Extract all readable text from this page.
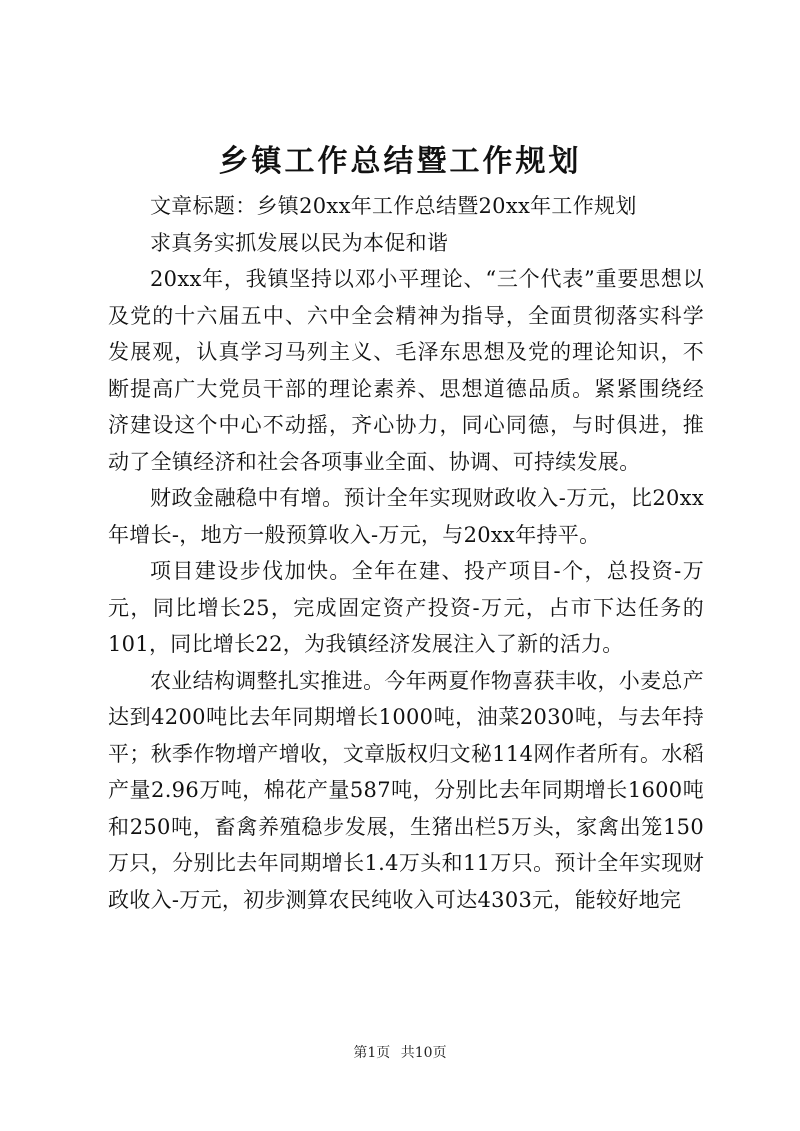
乡镇工作总结暨工作规划

文章标题：乡镇20xx年工作总结暨20xx年工作规划

求真务实抓发展以民为本促和谐

20xx年，我镇坚持以邓小平理论、“三个代表”重要思想以及党的十六届五中、六中全会精神为指导，全面贯彻落实科学发展观，认真学习马列主义、毛泽东思想及党的理论知识，不断提高广大党员干部的理论素养、思想道德品质。紧紧围绕经济建设这个中心不动摇，齐心协力，同心同德，与时俱进，推动了全镇经济和社会各项事业全面、协调、可持续发展。

财政金融稳中有增。预计全年实现财政收入-万元，比20xx年增长-，地方一般预算收入-万元，与20xx年持平。

项目建设步伐加快。全年在建、投产项目-个，总投资-万元，同比增长25，完成固定资产投资-万元，占市下达任务的101，同比增长22，为我镇经济发展注入了新的活力。

农业结构调整扎实推进。今年两夏作物喜获丰收，小麦总产达到4200吨比去年同期增长1000吨，油菜2030吨，与去年持平；秋季作物增产增收，文章版权归文秘114网作者所有。水稻产量2.96万吨，棉花产量587吨，分别比去年同期增长1600吨和250吨，畜禽养殖稳步发展，生猪出栏5万头，家禽出笼150万只，分别比去年同期增长1.4万头和11万只。预计全年实现财政收入-万元，初步测算农民纯收入可达4303元，能较好地完

第1页 共10页
